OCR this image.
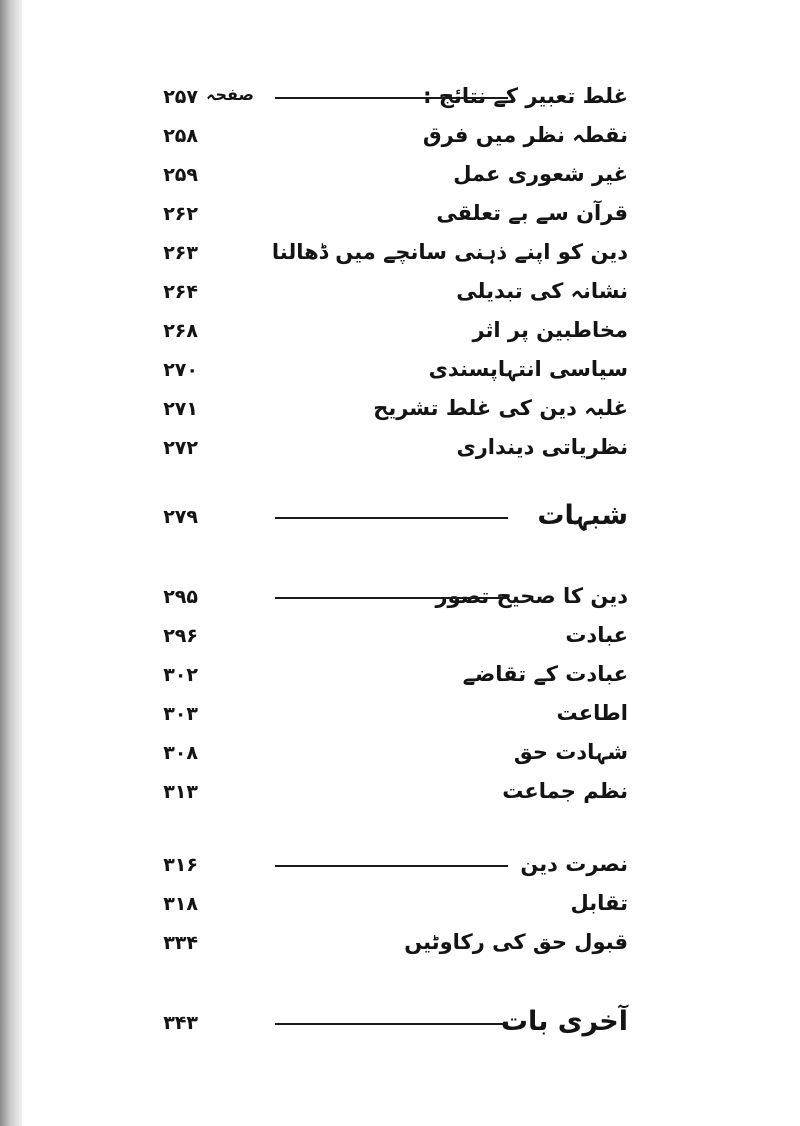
صفحہ	غلط تعبیر کے نتائج :
۲۵۷
نقطہ نظر میں فرق
۲۵۸
غیر شعوری عمل
۲۵۹
قرآن سے بے تعلقی
۲۶۲
دین کو اپنے ذہنی سانچے میں ڈھالنا
۲۶۳
نشانہ کی تبدیلی
۲۶۴
مخاطبین پر اثر
۲۶۸
سیاسی انتہاپسندی
۲۷۰
غلبہ دین کی غلط تشریح
۲۷۱
نظریاتی دینداری
۲۷۲
شبہات
۲۷۹
دین کا صحیح تصور
۲۹۵
عبادت
۲۹۶
عبادت کے تقاضے
۳۰۲
اطاعت
۳۰۳
شہادت حق
۳۰۸
نظم جماعت
۳۱۳
نصرت دین
۳۱۶
تقابل
۳۱۸
قبول حق کی رکاوٹیں
۳۳۴
آخری بات
۳۴۳
